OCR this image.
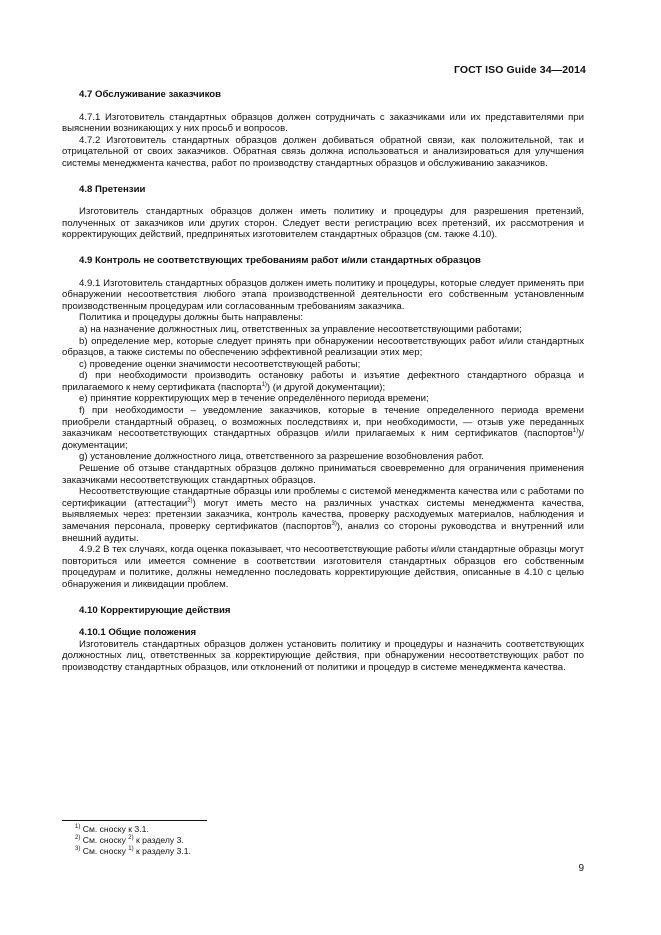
ГОСТ ISO Guide 34—2014

4.7 Обслуживание заказчиков

4.7.1 Изготовитель стандартных образцов должен сотрудничать с заказчиками или их представителями при выяснении возникающих у них просьб и вопросов.

4.7.2 Изготовитель стандартных образцов должен добиваться обратной связи, как положительной, так и отрицательной от своих заказчиков. Обратная связь должна использоваться и анализироваться для улучшения системы менеджмента качества, работ по производству стандартных образцов и обслуживанию заказчиков.

4.8 Претензии

Изготовитель стандартных образцов должен иметь политику и процедуры для разрешения претензий, полученных от заказчиков или других сторон. Следует вести регистрацию всех претензий, их рассмотрения и корректирующих действий, предпринятых изготовителем стандартных образцов (см. также 4.10).

4.9 Контроль не соответствующих требованиям работ и/или стандартных образцов

4.9.1 Изготовитель стандартных образцов должен иметь политику и процедуры, которые следует применять при обнаружении несоответствия любого этапа производственной деятельности его собственным установленным производственным процедурам или согласованным требованиям заказчика.

Политика и процедуры должны быть направлены:

а) на назначение должностных лиц, ответственных за управление несоответствующими работами;

b) определение мер, которые следует принять при обнаружении несоответствующих работ и/или стандартных образцов, а также системы по обеспечению эффективной реализации этих мер;

с) проведение оценки значимости несоответствующей работы;

d) при необходимости производить остановку работы и изъятие дефектного стандартного образца и прилагаемого к нему сертификата (паспорта$^{1)}$) (и другой документации);

е) принятие корректирующих мер в течение определённого периода времени;

f) при необходимости – уведомление заказчиков, которые в течение определенного периода времени приобрели стандартный образец, о возможных последствиях и, при необходимости, — отзыв уже переданных заказчикам несоответствующих стандартных образцов и/или прилагаемых к ним сертификатов (паспортов$^{1)}$)/документации;

g) установление должностного лица, ответственного за разрешение возобновления работ.

Решение об отзыве стандартных образцов должно приниматься своевременно для ограничения применения заказчиками несоответствующих стандартных образцов.

Несоответствующие стандартные образцы или проблемы с системой менеджмента качества или с работами по сертификации (аттестации$^{2)}$) могут иметь место на различных участках системы менеджмента качества, выявляемых через: претензии заказчика, контроль качества, проверку расходуемых материалов, наблюдения и замечания персонала, проверку сертификатов (паспортов$^{3)}$), анализ со стороны руководства и внутренний или внешний аудиты.

4.9.2 В тех случаях, когда оценка показывает, что несоответствующие работы и/или стандартные образцы могут повториться или имеется сомнение в соответствии изготовителя стандартных образцов его собственным процедурам и политике, должны немедленно последовать корректирующие действия, описанные в 4.10 с целью обнаружения и ликвидации проблем.

4.10 Корректирующие действия

4.10.1 Общие положения

Изготовитель стандартных образцов должен установить политику и процедуры и назначить соответствующих должностных лиц, ответственных за корректирующие действия, при обнаружении несоответствующих работ по производству стандартных образцов, или отклонений от политики и процедур в системе менеджмента качества.

$^{1)}$ См. сноску к 3.1.
$^{2)}$ См. сноску $^{2)}$ к разделу 3.
$^{3)}$ См. сноску $^{1)}$ к разделу 3.1.
9
